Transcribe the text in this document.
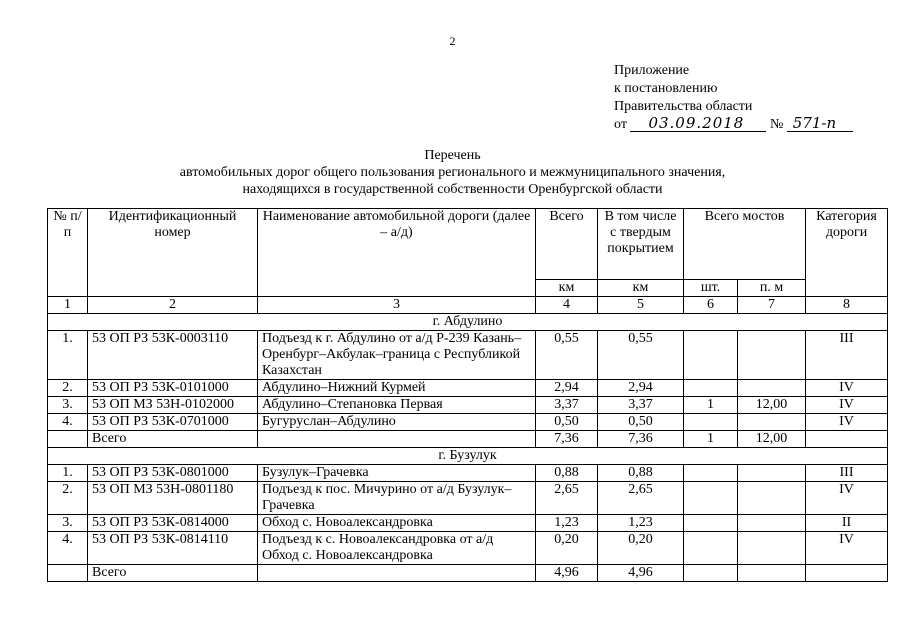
2
Приложение
к постановлению
Правительства области
от 03.09.2018 № 571-п
Перечень
автомобильных дорог общего пользования регионального и межмуниципального значения,
находящихся в государственной собственности Оренбургской области
№ п/п	Идентификационный номер	Наименование автомобильной дороги (далее – а/д)	Всего	В том числе с твердым покрытием	Всего мостов		Категория дороги
			км	км	шт.	п. м	
1	2	3	4	5	6	7	8
г. Абдулино							
1.	53 ОП РЗ 53К-0003110	Подъезд к г. Абдулино от а/д Р-239 Казань–Оренбург–Акбулак–граница с Республикой Казахстан	0,55	0,55			III
2.	53 ОП РЗ 53К-0101000	Абдулино–Нижний Курмей	2,94	2,94			IV
3.	53 ОП МЗ 53Н-0102000	Абдулино–Степановка Первая	3,37	3,37	1	12,00	IV
4.	53 ОП РЗ 53К-0701000	Бугуруслан–Абдулино	0,50	0,50			IV
	Всего		7,36	7,36	1	12,00	
г. Бузулук							
1.	53 ОП РЗ 53К-0801000	Бузулук–Грачевка	0,88	0,88			III
2.	53 ОП МЗ 53Н-0801180	Подъезд к пос. Мичурино от а/д Бузулук–Грачевка	2,65	2,65			IV
3.	53 ОП РЗ 53К-0814000	Обход с. Новоалександровка	1,23	1,23			II
4.	53 ОП РЗ 53К-0814110	Подъезд к с. Новоалександровка от а/д Обход с. Новоалександровка	0,20	0,20			IV
	Всего		4,96	4,96			
